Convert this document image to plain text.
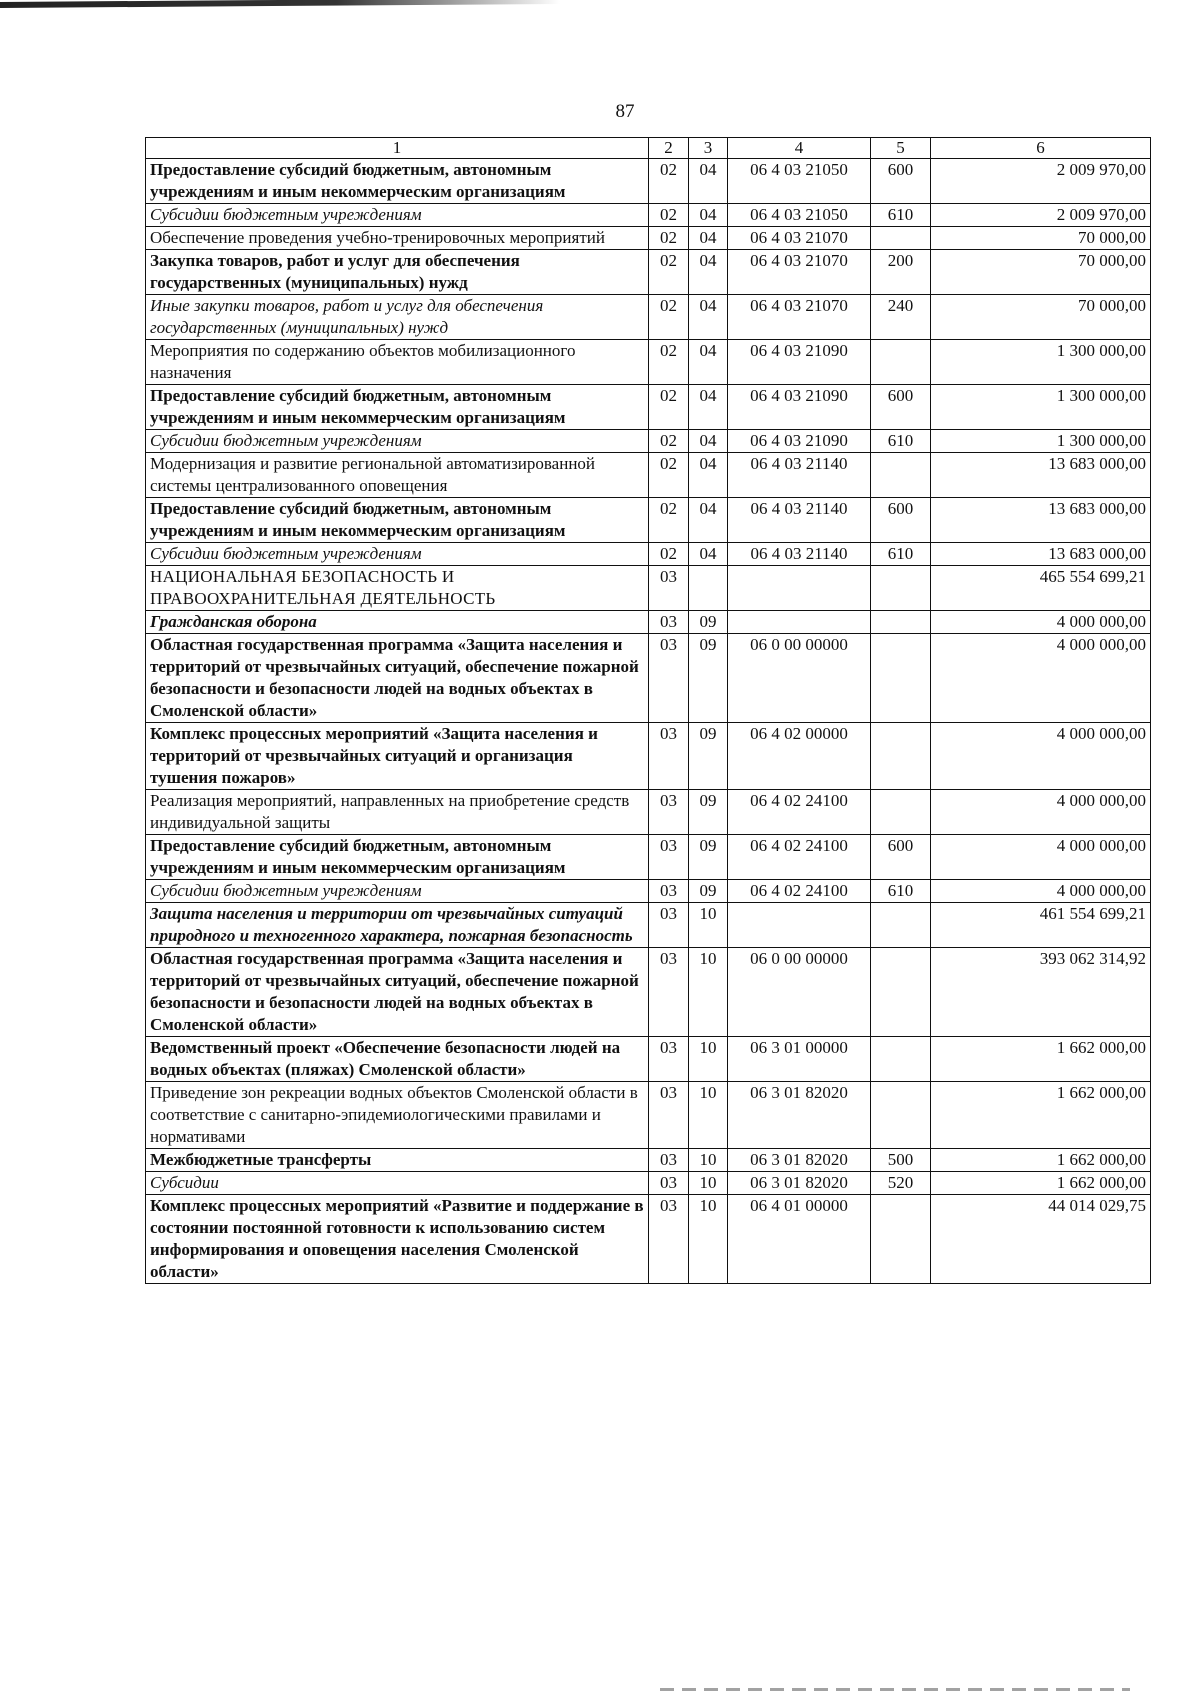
87
1	2	3	4	5	6
Предоставление субсидий бюджетным, автономным учреждениям и иным некоммерческим организациям	02	04	06 4 03 21050	600	2 009 970,00
Субсидии бюджетным учреждениям	02	04	06 4 03 21050	610	2 009 970,00
Обеспечение проведения учебно-тренировочных мероприятий	02	04	06 4 03 21070		70 000,00
Закупка товаров, работ и услуг для обеспечения государственных (муниципальных) нужд	02	04	06 4 03 21070	200	70 000,00
Иные закупки товаров, работ и услуг для обеспечения государственных (муниципальных) нужд	02	04	06 4 03 21070	240	70 000,00
Мероприятия по содержанию объектов мобилизационного назначения	02	04	06 4 03 21090		1 300 000,00
Предоставление субсидий бюджетным, автономным учреждениям и иным некоммерческим организациям	02	04	06 4 03 21090	600	1 300 000,00
Субсидии бюджетным учреждениям	02	04	06 4 03 21090	610	1 300 000,00
Модернизация и развитие региональной автоматизированной системы централизованного оповещения	02	04	06 4 03 21140		13 683 000,00
Предоставление субсидий бюджетным, автономным учреждениям и иным некоммерческим организациям	02	04	06 4 03 21140	600	13 683 000,00
Субсидии бюджетным учреждениям	02	04	06 4 03 21140	610	13 683 000,00
НАЦИОНАЛЬНАЯ БЕЗОПАСНОСТЬ И ПРАВООХРАНИТЕЛЬНАЯ ДЕЯТЕЛЬНОСТЬ	03				465 554 699,21
Гражданская оборона	03	09			4 000 000,00
Областная государственная программа «Защита населения и территорий от чрезвычайных ситуаций, обеспечение пожарной безопасности и безопасности людей на водных объектах в Смоленской области»	03	09	06 0 00 00000		4 000 000,00
Комплекс процессных мероприятий «Защита населения и территорий от чрезвычайных ситуаций и организация тушения пожаров»	03	09	06 4 02 00000		4 000 000,00
Реализация мероприятий, направленных на приобретение средств индивидуальной защиты	03	09	06 4 02 24100		4 000 000,00
Предоставление субсидий бюджетным, автономным учреждениям и иным некоммерческим организациям	03	09	06 4 02 24100	600	4 000 000,00
Субсидии бюджетным учреждениям	03	09	06 4 02 24100	610	4 000 000,00
Защита населения и территории от чрезвычайных ситуаций природного и техногенного характера, пожарная безопасность	03	10			461 554 699,21
Областная государственная программа «Защита населения и территорий от чрезвычайных ситуаций, обеспечение пожарной безопасности и безопасности людей на водных объектах в Смоленской области»	03	10	06 0 00 00000		393 062 314,92
Ведомственный проект «Обеспечение безопасности людей на водных объектах (пляжах) Смоленской области»	03	10	06 3 01 00000		1 662 000,00
Приведение зон рекреации водных объектов Смоленской области в соответствие с санитарно-эпидемиологическими правилами и нормативами	03	10	06 3 01 82020		1 662 000,00
Межбюджетные трансферты	03	10	06 3 01 82020	500	1 662 000,00
Субсидии	03	10	06 3 01 82020	520	1 662 000,00
Комплекс процессных мероприятий «Развитие и поддержание в состоянии постоянной готовности к использованию систем информирования и оповещения населения Смоленской области»	03	10	06 4 01 00000		44 014 029,75
